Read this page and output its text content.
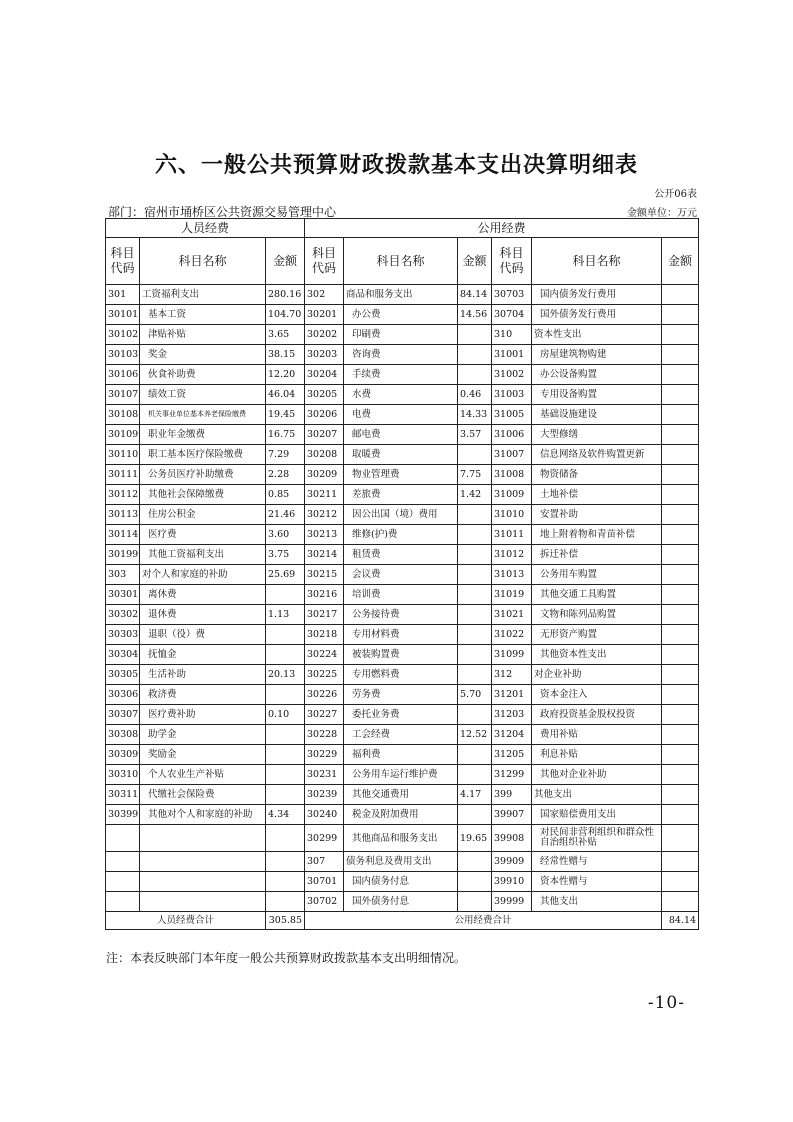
六、一般公共预算财政拨款基本支出决算明细表
公开06表
部门：宿州市埇桥区公共资源交易管理中心	金额单位：万元
人员经费			公用经费					
科目代码	科目名称	金额	科目代码	科目名称	金额	科目代码	科目名称	金额
301	工资福利支出	280.16	302	商品和服务支出	84.14	30703	国内债务发行费用	
30101	基本工资	104.70	30201	办公费	14.56	30704	国外债务发行费用	
30102	津贴补贴	3.65	30202	印刷费		310	资本性支出	
30103	奖金	38.15	30203	咨询费		31001	房屋建筑物购建	
30106	伙食补助费	12.20	30204	手续费		31002	办公设备购置	
30107	绩效工资	46.04	30205	水费	0.46	31003	专用设备购置	
30108	机关事业单位基本养老保险缴费	19.45	30206	电费	14.33	31005	基础设施建设	
30109	职业年金缴费	16.75	30207	邮电费	3.57	31006	大型修缮	
30110	职工基本医疗保险缴费	7.29	30208	取暖费		31007	信息网络及软件购置更新	
30111	公务员医疗补助缴费	2.28	30209	物业管理费	7.75	31008	物资储备	
30112	其他社会保障缴费	0.85	30211	差旅费	1.42	31009	土地补偿	
30113	住房公积金	21.46	30212	因公出国（境）费用		31010	安置补助	
30114	医疗费	3.60	30213	维修(护)费		31011	地上附着物和青苗补偿	
30199	其他工资福利支出	3.75	30214	租赁费		31012	拆迁补偿	
303	对个人和家庭的补助	25.69	30215	会议费		31013	公务用车购置	
30301	离休费		30216	培训费		31019	其他交通工具购置	
30302	退休费	1.13	30217	公务接待费		31021	文物和陈列品购置	
30303	退职（役）费		30218	专用材料费		31022	无形资产购置	
30304	抚恤金		30224	被装购置费		31099	其他资本性支出	
30305	生活补助	20.13	30225	专用燃料费		312	对企业补助	
30306	救济费		30226	劳务费	5.70	31201	资本金注入	
30307	医疗费补助	0.10	30227	委托业务费		31203	政府投资基金股权投资	
30308	助学金		30228	工会经费	12.52	31204	费用补贴	
30309	奖励金		30229	福利费		31205	利息补贴	
30310	个人农业生产补贴		30231	公务用车运行维护费		31299	其他对企业补助	
30311	代缴社会保险费		30239	其他交通费用	4.17	399	其他支出	
30399	其他对个人和家庭的补助	4.34	30240	税金及附加费用		39907	国家赔偿费用支出	
			30299	其他商品和服务支出	19.65	39908	对民间非营利组织和群众性自治组织补贴	
			307	债务利息及费用支出		39909	经常性赠与	
			30701	国内债务付息		39910	资本性赠与	
			30702	国外债务付息		39999	其他支出	
人员经费合计		305.85	公用经费合计					84.14
注：本表反映部门本年度一般公共预算财政拨款基本支出明细情况。
-10-
